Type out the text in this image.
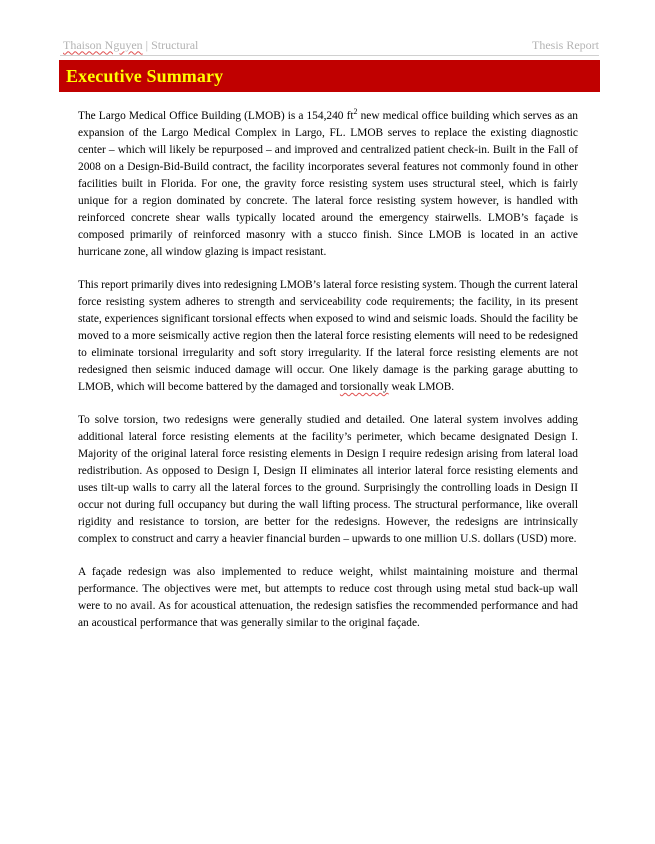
Thaison Nguyen | Structural	Thesis Report
Executive Summary

The Largo Medical Office Building (LMOB) is a 154,240 $ft^2$ new medical office building which serves as an expansion of the Largo Medical Complex in Largo, FL. LMOB serves to replace the existing diagnostic center – which will likely be repurposed – and improved and centralized patient check-in. Built in the Fall of 2008 on a Design-Bid-Build contract, the facility incorporates several features not commonly found in other facilities built in Florida. For one, the gravity force resisting system uses structural steel, which is fairly unique for a region dominated by concrete. The lateral force resisting system however, is handled with reinforced concrete shear walls typically located around the emergency stairwells. LMOB’s façade is composed primarily of reinforced masonry with a stucco finish. Since LMOB is located in an active hurricane zone, all window glazing is impact resistant.

This report primarily dives into redesigning LMOB’s lateral force resisting system. Though the current lateral force resisting system adheres to strength and serviceability code requirements; the facility, in its present state, experiences significant torsional effects when exposed to wind and seismic loads. Should the facility be moved to a more seismically active region then the lateral force resisting elements will need to be redesigned to eliminate torsional irregularity and soft story irregularity. If the lateral force resisting elements are not redesigned then seismic induced damage will occur. One likely damage is the parking garage abutting to LMOB, which will become battered by the damaged and torsionally weak LMOB.

To solve torsion, two redesigns were generally studied and detailed. One lateral system involves adding additional lateral force resisting elements at the facility’s perimeter, which became designated Design I. Majority of the original lateral force resisting elements in Design I require redesign arising from lateral load redistribution. As opposed to Design I, Design II eliminates all interior lateral force resisting elements and uses tilt-up walls to carry all the lateral forces to the ground. Surprisingly the controlling loads in Design II occur not during full occupancy but during the wall lifting process. The structural performance, like overall rigidity and resistance to torsion, are better for the redesigns. However, the redesigns are intrinsically complex to construct and carry a heavier financial burden – upwards to one million U.S. dollars (USD) more.

A façade redesign was also implemented to reduce weight, whilst maintaining moisture and thermal performance. The objectives were met, but attempts to reduce cost through using metal stud back-up wall were to no avail. As for acoustical attenuation, the redesign satisfies the recommended performance and had an acoustical performance that was generally similar to the original façade.
